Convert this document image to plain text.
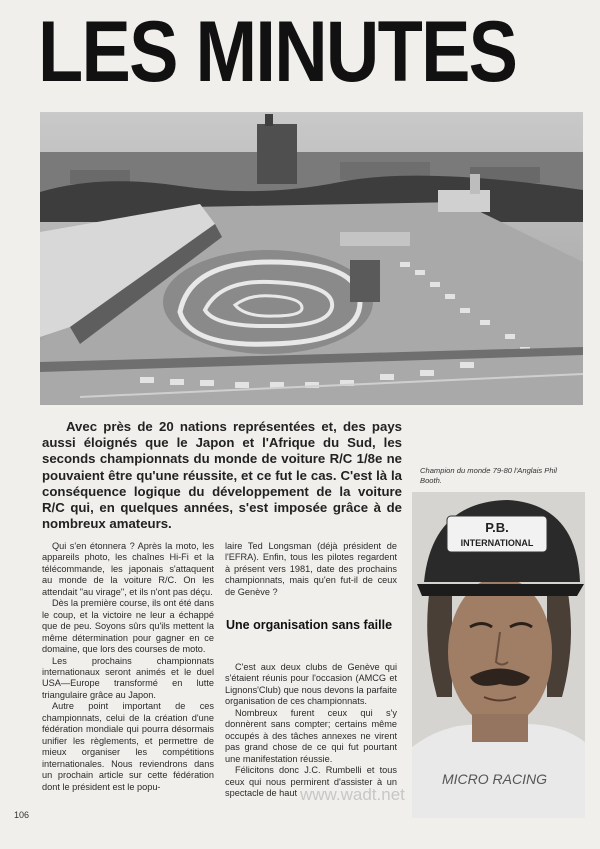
LES MINUTES

Avec près de 20 nations représentées et, des pays aussi éloignés que le Japon et l'Afrique du Sud, les seconds championnats du monde de voiture R/C 1/8e ne pouvaient être qu'une réussite, et ce fut le cas. C'est là la conséquence logique du développement de la voiture R/C qui, en quelques années, s'est imposée grâce à de nombreux amateurs.

Champion du monde 79-80 l'Anglais Phil Booth.

Qui s'en étonnera ? Après la moto, les appareils photo, les chaînes Hi-Fi et la télécommande, les japonais s'attaquent au monde de la voiture R/C. On les attendait "au virage", et ils n'ont pas déçu.

Dès la première course, ils ont été dans le coup, et la victoire ne leur a échappé que de peu. Soyons sûrs qu'ils mettent la même détermination pour gagner en ce domaine, que lors des courses de moto.

Les prochains championnats internationaux seront animés et le duel USA—Europe transformé en lutte triangulaire grâce au Japon.

Autre point important de ces championnats, celui de la création d'une fédération mondiale qui pourra désormais unifier les règlements, et permettre de mieux organiser les compétitions internationales. Nous reviendrons dans un prochain article sur cette fédération dont le président est le popu-

laire Ted Longsman (déjà président de l'EFRA). Enfin, tous les pilotes regardent à présent vers 1981, date des prochains championnats, mais qu'en fut-il de ceux de Genève ?

Une organisation sans faille

C'est aux deux clubs de Genève qui s'étaient réunis pour l'occasion (AMCG et Lignons'Club) que nous devons la parfaite organisation de ces championnats.

Nombreux furent ceux qui s'y donnèrent sans compter; certains même occupés à des tâches annexes ne virent pas grand chose de ce qui fut pourtant une manifestation réussie.

Félicitons donc J.C. Rumbelli et tous ceux qui nous permirent d'assister à un spectacle de haut

MICRO RACING
P.B.
INTERNATIONAL
106
www.wadt.net
